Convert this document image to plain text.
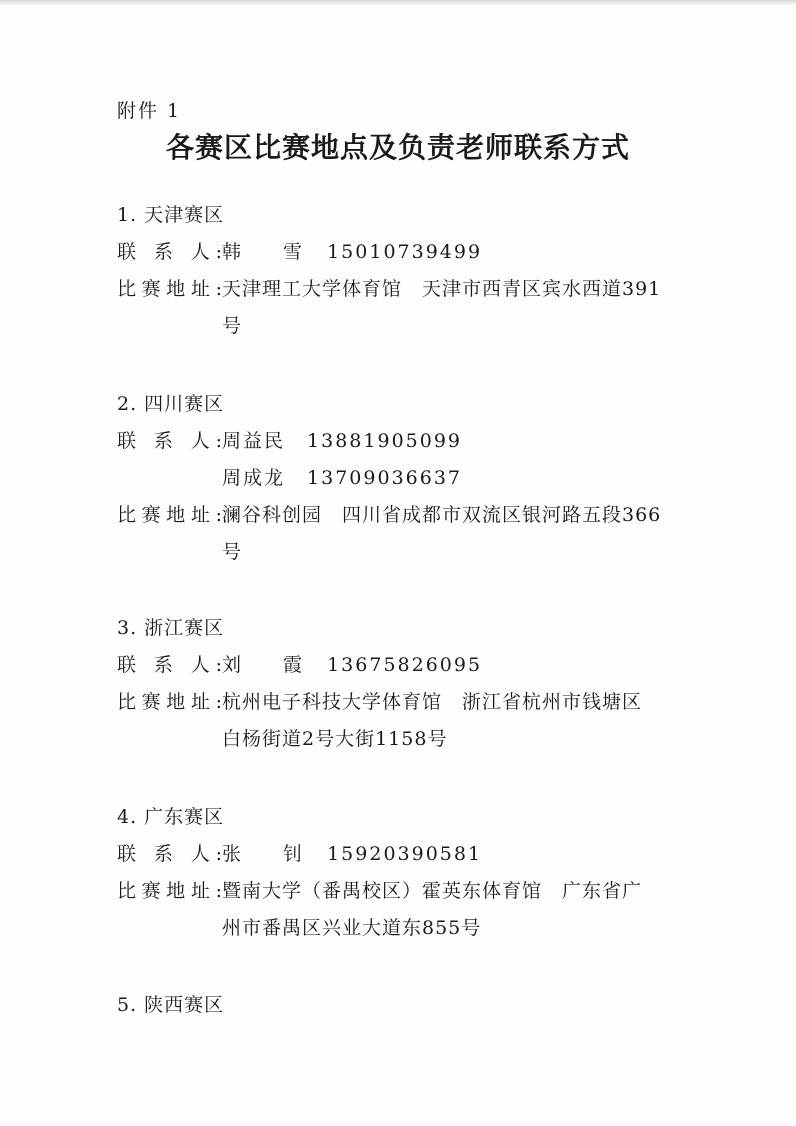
附件 1
各赛区比赛地点及负责老师联系方式
1. 天津赛区
联 系 人: 韩 雪 15010739499
比赛地址: 天津理工大学体育馆　天津市西青区宾水西道391
号
2. 四川赛区
联 系 人: 周益民 13881905099
周成龙 13709036637
比赛地址: 澜谷科创园　四川省成都市双流区银河路五段366
号
3. 浙江赛区
联 系 人: 刘 霞 13675826095
比赛地址: 杭州电子科技大学体育馆　浙江省杭州市钱塘区
白杨街道2号大街1158号
4. 广东赛区
联 系 人: 张 钊 15920390581
比赛地址: 暨南大学（番禺校区）霍英东体育馆　广东省广
州市番禺区兴业大道东855号
5. 陕西赛区
